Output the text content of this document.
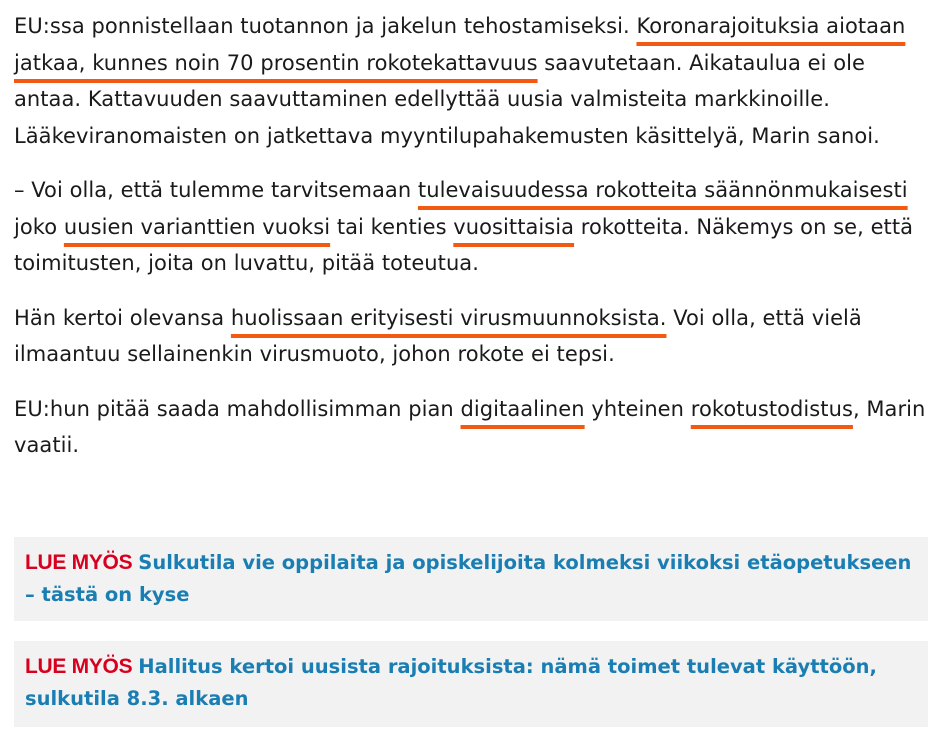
EU:ssa ponnistellaan tuotannon ja jakelun tehostamiseksi. Koronarajoituksia aiotaan jatkaa, kunnes noin 70 prosentin rokotekattavuus saavutetaan. Aikataulua ei ole antaa. Kattavuuden saavuttaminen edellyttää uusia valmisteita markkinoille. Lääkeviranomaisten on jatkettava myyntilupahakemusten käsittelyä, Marin sanoi.

– Voi olla, että tulemme tarvitsemaan tulevaisuudessa rokotteita säännönmukaisesti joko uusien varianttien vuoksi tai kenties vuosittaisia rokotteita. Näkemys on se, että toimitusten, joita on luvattu, pitää toteutua.

Hän kertoi olevansa huolissaan erityisesti virusmuunnoksista. Voi olla, että vielä ilmaantuu sellainenkin virusmuoto, johon rokote ei tepsi.

EU:hun pitää saada mahdollisimman pian digitaalinen yhteinen rokotustodistus, Marin vaatii.

LUE MYÖS Sulkutila vie oppilaita ja opiskelijoita kolmeksi viikoksi etäopetukseen – tästä on kyse
LUE MYÖS Hallitus kertoi uusista rajoituksista: nämä toimet tulevat käyttöön, sulkutila 8.3. alkaen
